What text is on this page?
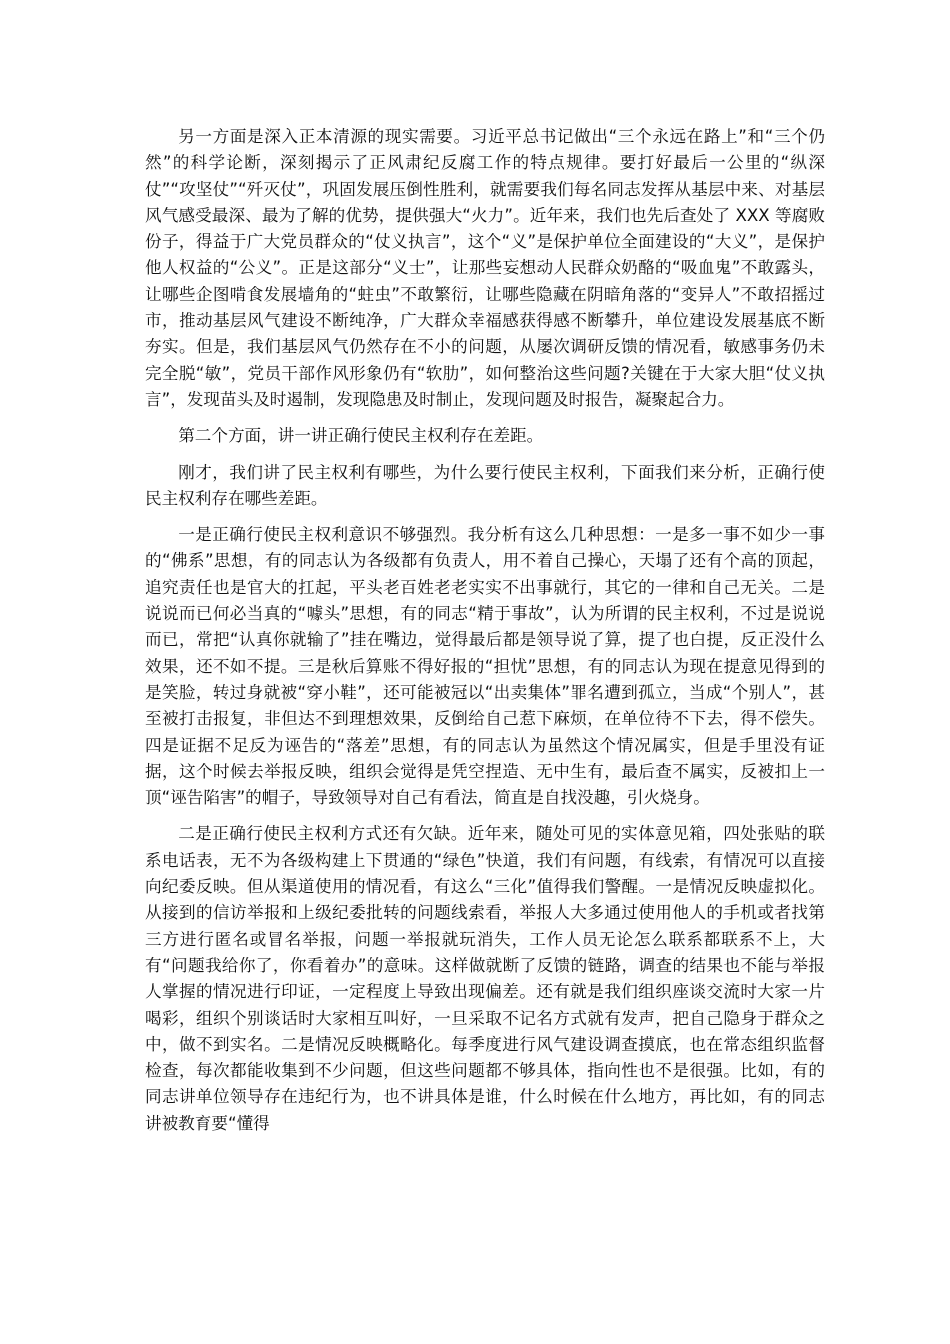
另一方面是深入正本清源的现实需要。习近平总书记做出“三个永远在路上”和“三个仍然”的科学论断，深刻揭示了正风肃纪反腐工作的特点规律。要打好最后一公里的“纵深仗”“攻坚仗”“歼灭仗”，巩固发展压倒性胜利，就需要我们每名同志发挥从基层中来、对基层风气感受最深、最为了解的优势，提供强大“火力”。近年来，我们也先后查处了 XXX 等腐败份子，得益于广大党员群众的“仗义执言”，这个“义”是保护单位全面建设的“大义”，是保护他人权益的“公义”。正是这部分“义士”，让那些妄想动人民群众奶酪的“吸血鬼”不敢露头，让哪些企图啃食发展墙角的“蛀虫”不敢繁衍，让哪些隐藏在阴暗角落的“变异人”不敢招摇过市，推动基层风气建设不断纯净，广大群众幸福感获得感不断攀升，单位建设发展基底不断夯实。但是，我们基层风气仍然存在不小的问题，从屡次调研反馈的情况看，敏感事务仍未完全脱“敏”，党员干部作风形象仍有“软肋”，如何整治这些问题?关键在于大家大胆“仗义执言”，发现苗头及时遏制，发现隐患及时制止，发现问题及时报告，凝聚起合力。

第二个方面，讲一讲正确行使民主权利存在差距。

刚才，我们讲了民主权利有哪些，为什么要行使民主权利，下面我们来分析，正确行使民主权利存在哪些差距。

一是正确行使民主权利意识不够强烈。我分析有这么几种思想：一是多一事不如少一事的“佛系”思想，有的同志认为各级都有负责人，用不着自己操心，天塌了还有个高的顶起，追究责任也是官大的扛起，平头老百姓老老实实不出事就行，其它的一律和自己无关。二是说说而已何必当真的“噱头”思想，有的同志“精于事故”，认为所谓的民主权利，不过是说说而已，常把“认真你就输了”挂在嘴边，觉得最后都是领导说了算，提了也白提，反正没什么效果，还不如不提。三是秋后算账不得好报的“担忧”思想，有的同志认为现在提意见得到的是笑脸，转过身就被“穿小鞋”，还可能被冠以“出卖集体”罪名遭到孤立，当成“个别人”，甚至被打击报复，非但达不到理想效果，反倒给自己惹下麻烦，在单位待不下去，得不偿失。四是证据不足反为诬告的“落差”思想，有的同志认为虽然这个情况属实，但是手里没有证据，这个时候去举报反映，组织会觉得是凭空捏造、无中生有，最后查不属实，反被扣上一顶“诬告陷害”的帽子，导致领导对自己有看法，简直是自找没趣，引火烧身。

二是正确行使民主权利方式还有欠缺。近年来，随处可见的实体意见箱，四处张贴的联系电话表，无不为各级构建上下贯通的“绿色”快道，我们有问题，有线索，有情况可以直接向纪委反映。但从渠道使用的情况看，有这么“三化”值得我们警醒。一是情况反映虚拟化。从接到的信访举报和上级纪委批转的问题线索看，举报人大多通过使用他人的手机或者找第三方进行匿名或冒名举报，问题一举报就玩消失，工作人员无论怎么联系都联系不上，大有“问题我给你了，你看着办”的意味。这样做就断了反馈的链路，调查的结果也不能与举报人掌握的情况进行印证，一定程度上导致出现偏差。还有就是我们组织座谈交流时大家一片喝彩，组织个别谈话时大家相互叫好，一旦采取不记名方式就有发声，把自己隐身于群众之中，做不到实名。二是情况反映概略化。每季度进行风气建设调查摸底，也在常态组织监督检查，每次都能收集到不少问题，但这些问题都不够具体，指向性也不是很强。比如，有的同志讲单位领导存在违纪行为，也不讲具体是谁，什么时候在什么地方，再比如，有的同志讲被教育要“懂得
